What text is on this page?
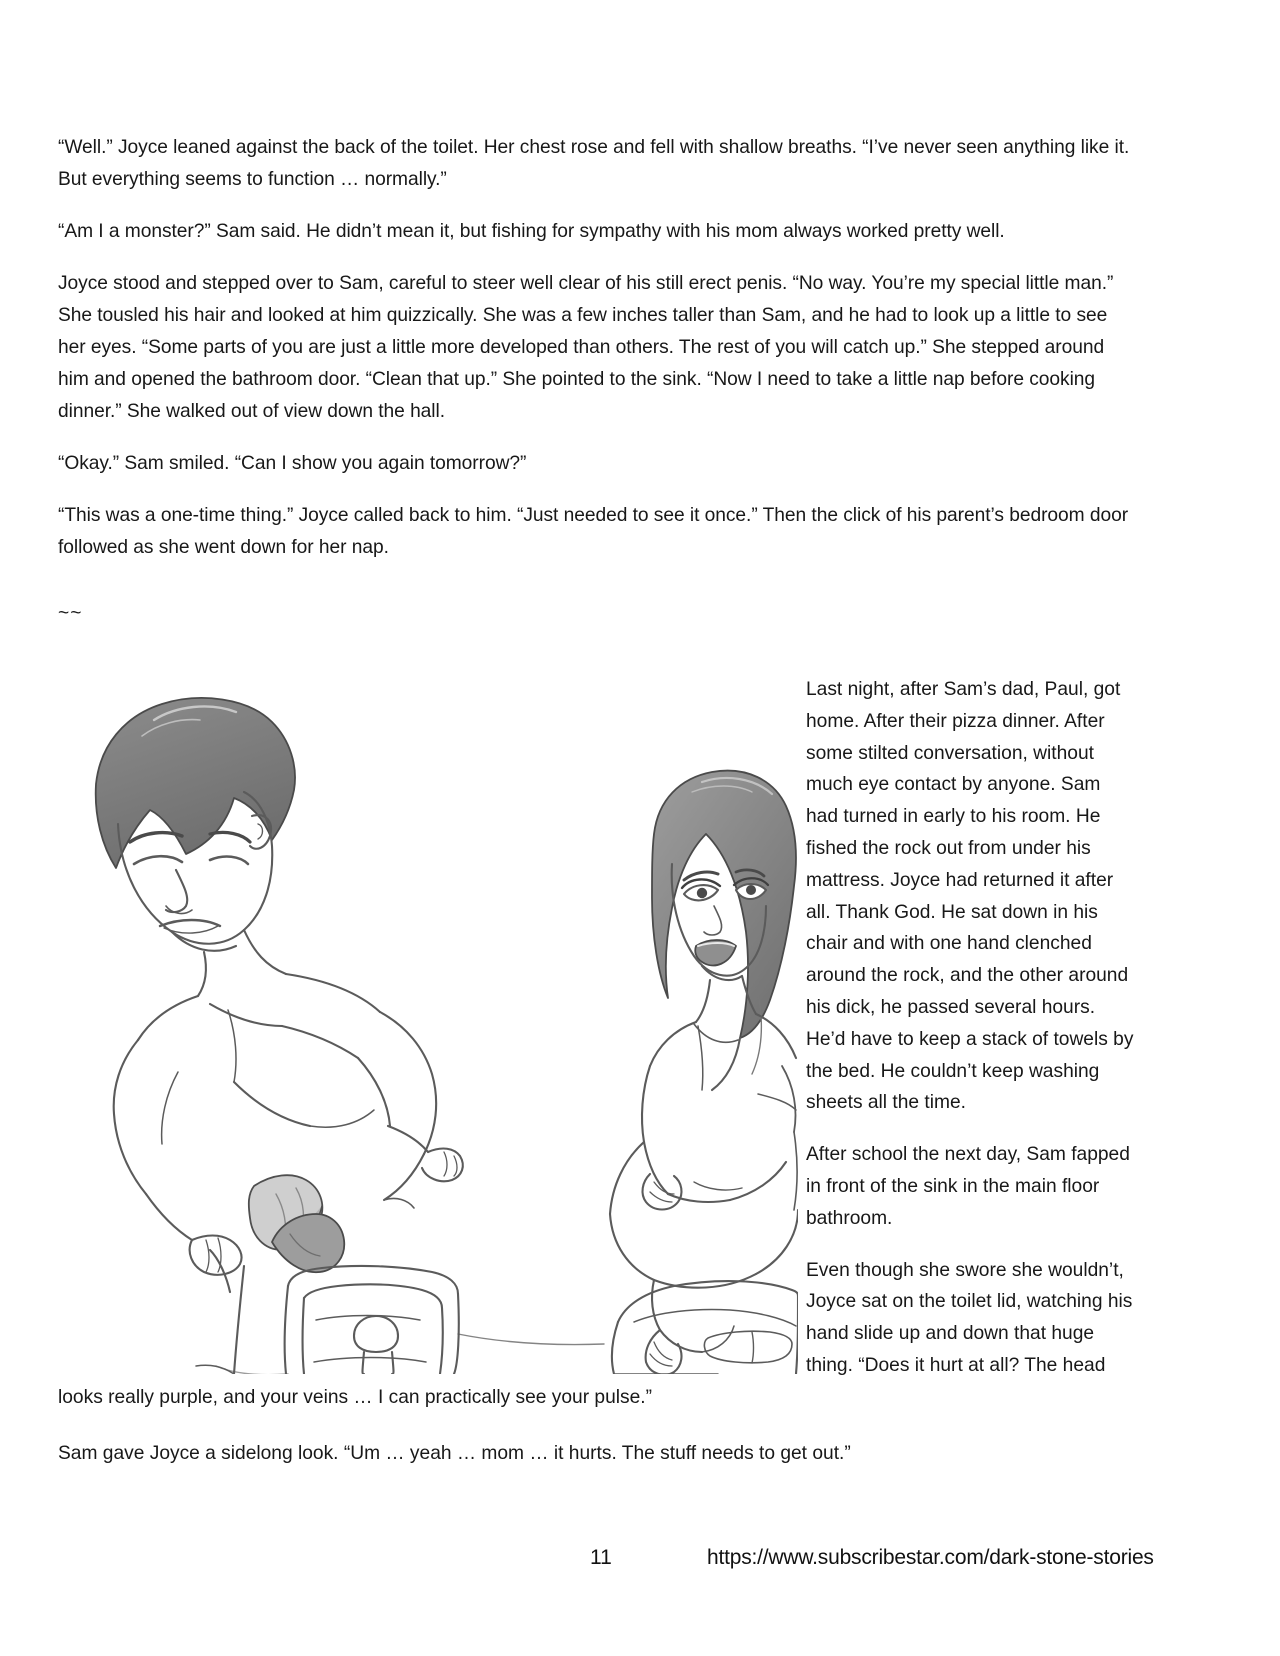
“Well.” Joyce leaned against the back of the toilet. Her chest rose and fell with shallow breaths. “I’ve never seen anything like it. But everything seems to function … normally.”

“Am I a monster?” Sam said. He didn’t mean it, but fishing for sympathy with his mom always worked pretty well.

Joyce stood and stepped over to Sam, careful to steer well clear of his still erect penis. “No way. You’re my special little man.” She tousled his hair and looked at him quizzically. She was a few inches taller than Sam, and he had to look up a little to see her eyes. “Some parts of you are just a little more developed than others. The rest of you will catch up.” She stepped around him and opened the bathroom door. “Clean that up.” She pointed to the sink. “Now I need to take a little nap before cooking dinner.” She walked out of view down the hall.

“Okay.” Sam smiled. “Can I show you again tomorrow?”

“This was a one-time thing.” Joyce called back to him. “Just needed to see it once.” Then the click of his parent’s bedroom door followed as she went down for her nap.

~~

Last night, after Sam’s dad, Paul, got home. After their pizza dinner. After some stilted conversation, without much eye contact by anyone. Sam had turned in early to his room. He fished the rock out from under his mattress. Joyce had returned it after all. Thank God. He sat down in his chair and with one hand clenched around the rock, and the other around his dick, he passed several hours. He’d have to keep a stack of towels by the bed. He couldn’t keep washing sheets all the time.

After school the next day, Sam fapped in front of the sink in the main floor bathroom.

Even though she swore she wouldn’t, Joyce sat on the toilet lid, watching his hand slide up and down that huge thing. “Does it hurt at all? The head looks really purple, and your veins … I can practically see your pulse.”

Sam gave Joyce a sidelong look. “Um … yeah … mom … it hurts. The stuff needs to get out.”

11	https://www.subscribestar.com/dark-stone-stories
